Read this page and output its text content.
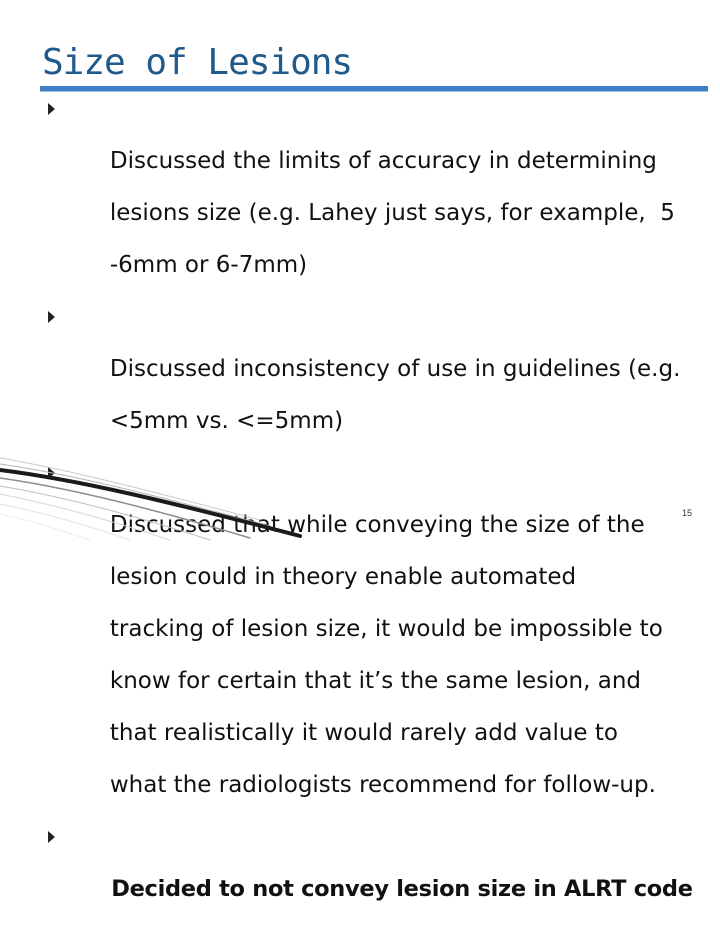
Size of Lesions

Discussed the limits of accuracy in determining

lesions size (e.g. Lahey just says, for example,  5

-6mm or 6-7mm)

Discussed inconsistency of use in guidelines (e.g.

<5mm vs. <=5mm)

Discussed that while conveying the size of the

lesion could in theory enable automated

tracking of lesion size, it would be impossible to

know for certain that it’s the same lesion, and

that realistically it would rarely add value to

what the radiologists recommend for follow-up.

Decided to not convey lesion size in ALRT code

15
